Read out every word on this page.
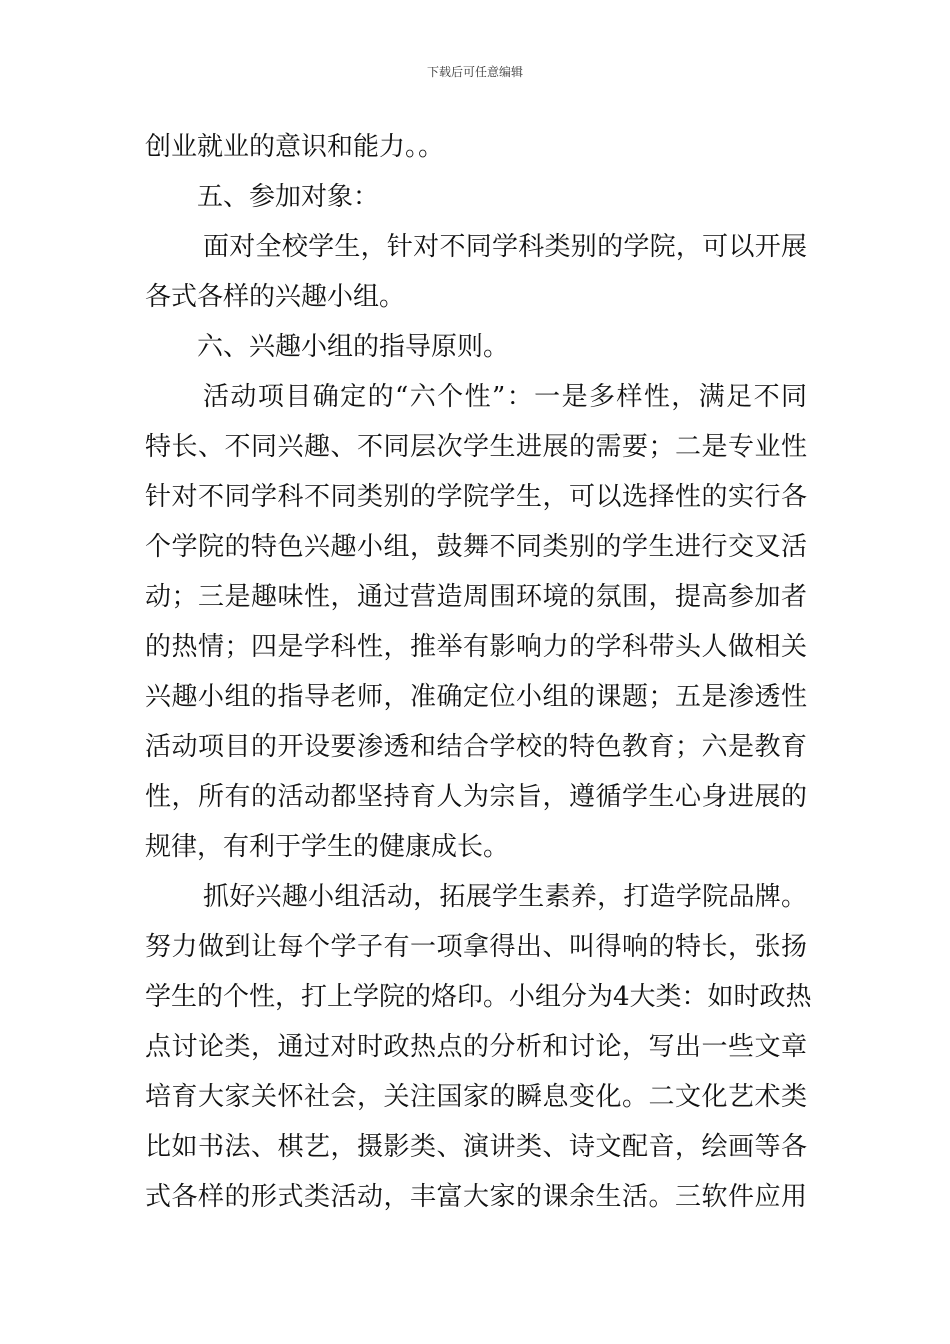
下载后可任意编辑
创业就业的意识和能力。。
五、参加对象：
面对全校学生，针对不同学科类别的学院，可以开展
各式各样的兴趣小组。
六、兴趣小组的指导原则。
活动项目确定的“六个性”：一是多样性，满足不同
特长、不同兴趣、不同层次学生进展的需要；二是专业性
针对不同学科不同类别的学院学生，可以选择性的实行各
个学院的特色兴趣小组，鼓舞不同类别的学生进行交叉活
动；三是趣味性，通过营造周围环境的氛围，提高参加者
的热情；四是学科性，推举有影响力的学科带头人做相关
兴趣小组的指导老师，准确定位小组的课题；五是渗透性
活动项目的开设要渗透和结合学校的特色教育；六是教育
性，所有的活动都坚持育人为宗旨，遵循学生心身进展的
规律，有利于学生的健康成长。
抓好兴趣小组活动，拓展学生素养，打造学院品牌。
努力做到让每个学子有一项拿得出、叫得响的特长，张扬
学生的个性，打上学院的烙印。小组分为4大类：如时政热
点讨论类，通过对时政热点的分析和讨论，写出一些文章
培育大家关怀社会，关注国家的瞬息变化。二文化艺术类
比如书法、棋艺，摄影类、演讲类、诗文配音，绘画等各
式各样的形式类活动，丰富大家的课余生活。三软件应用
